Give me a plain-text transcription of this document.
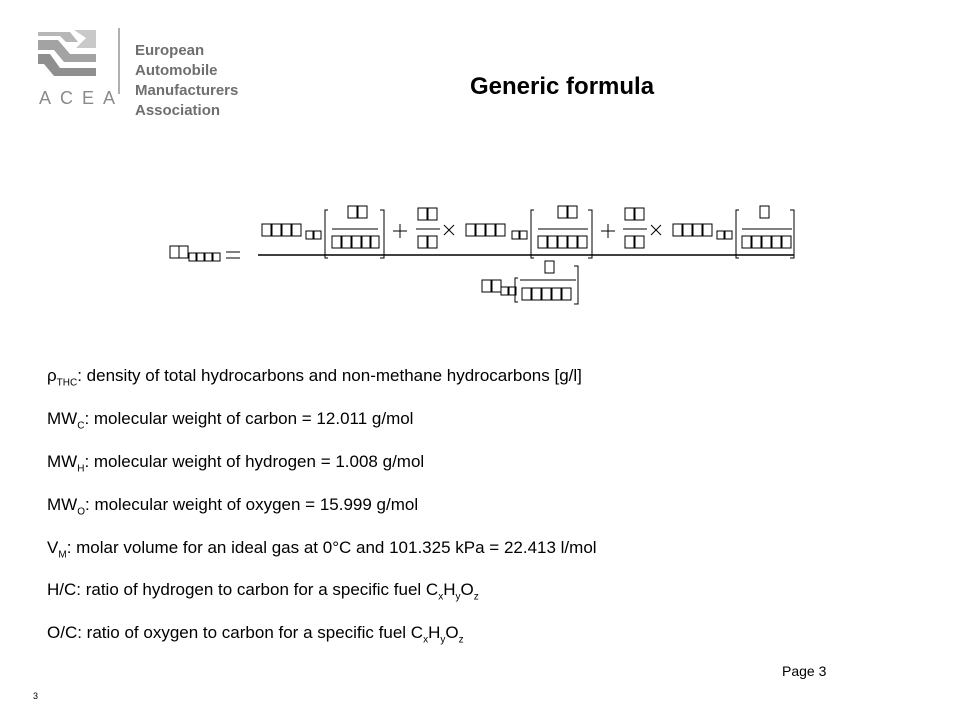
European
Automobile
Manufacturers
Association
ACEA	Generic formula
$\rho_{THC}$: density of total hydrocarbons and non-methane hydrocarbons [g/l]
$MW_C$: molecular weight of carbon = 12.011 g/mol
$MW_H$: molecular weight of hydrogen = 1.008 g/mol
$MW_O$: molecular weight of oxygen = 15.999 g/mol
$V_M$: molar volume for an ideal gas at 0°C and 101.325 kPa = 22.413 l/mol
H/C: ratio of hydrogen to carbon for a specific fuel $C_xH_yO_z$
O/C: ratio of oxygen to carbon for a specific fuel $C_xH_yO_z$
Page 3
3
